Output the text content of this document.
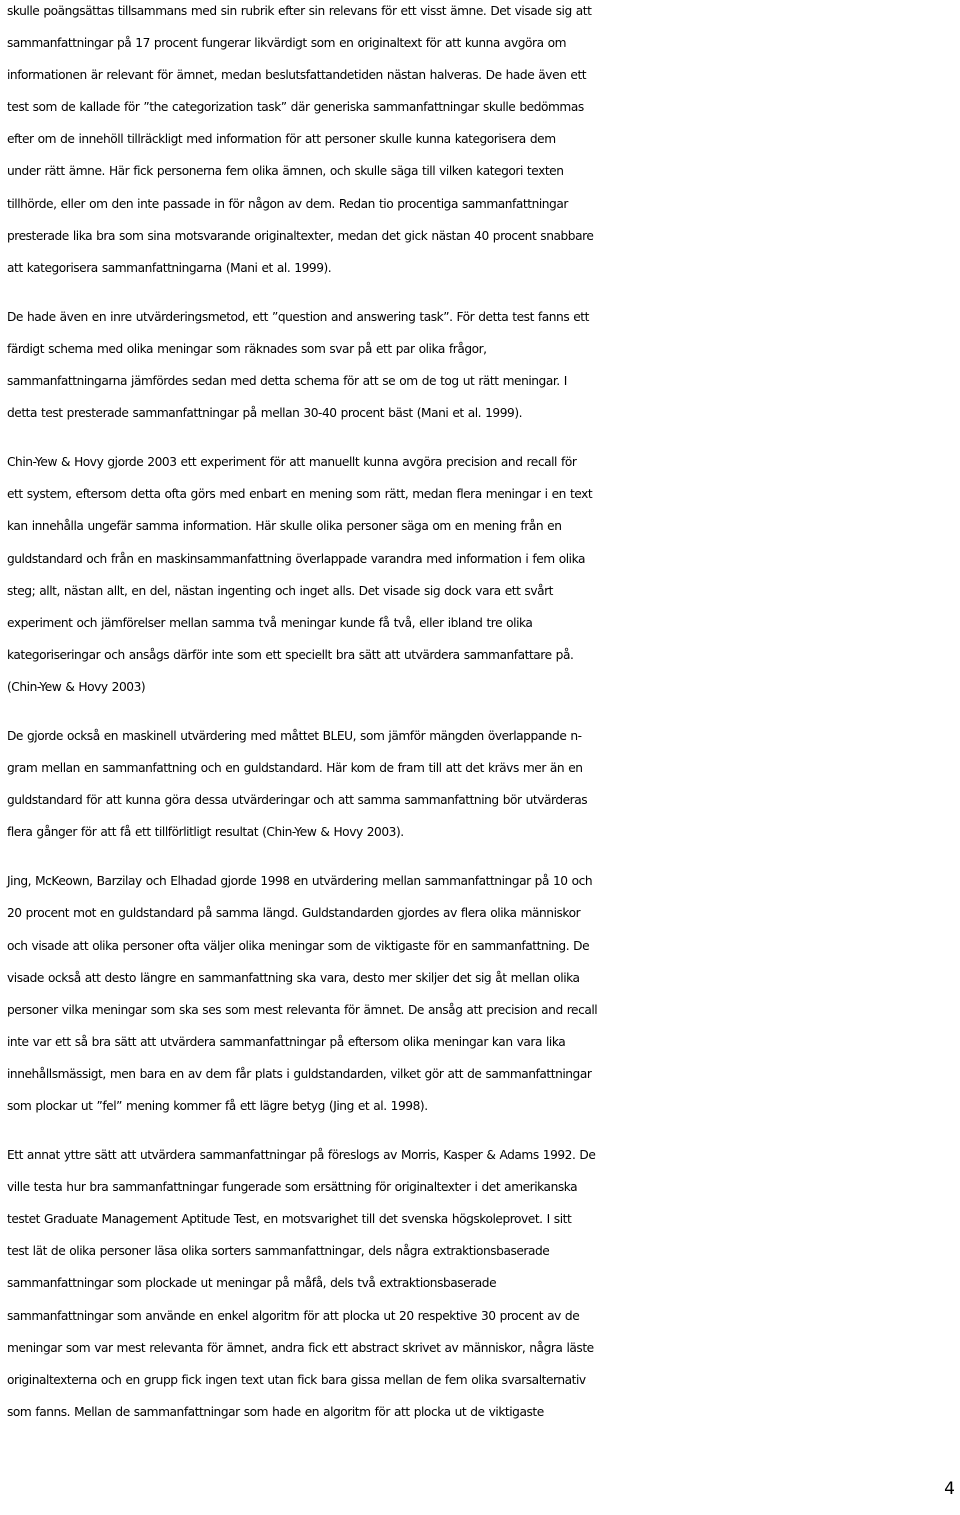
skulle poängsättas tillsammans med sin rubrik efter sin relevans för ett visst ämne. Det visade sig att
sammanfattningar på 17 procent fungerar likvärdigt som en originaltext för att kunna avgöra om
informationen är relevant för ämnet, medan beslutsfattandetiden nästan halveras. De hade även ett
test som de kallade för ”the categorization task” där generiska sammanfattningar skulle bedömmas
efter om de innehöll tillräckligt med information för att personer skulle kunna kategorisera dem
under rätt ämne. Här fick personerna fem olika ämnen, och skulle säga till vilken kategori texten
tillhörde, eller om den inte passade in för någon av dem. Redan tio procentiga sammanfattningar
presterade lika bra som sina motsvarande originaltexter, medan det gick nästan 40 procent snabbare
att kategorisera sammanfattningarna (Mani et al. 1999).

De hade även en inre utvärderingsmetod, ett ”question and answering task”. För detta test fanns ett
färdigt schema med olika meningar som räknades som svar på ett par olika frågor,
sammanfattningarna jämfördes sedan med detta schema för att se om de tog ut rätt meningar. I
detta test presterade sammanfattningar på mellan 30-40 procent bäst (Mani et al. 1999).

Chin-Yew & Hovy gjorde 2003 ett experiment för att manuellt kunna avgöra precision and recall för
ett system, eftersom detta ofta görs med enbart en mening som rätt, medan flera meningar i en text
kan innehålla ungefär samma information. Här skulle olika personer säga om en mening från en
guldstandard och från en maskinsammanfattning överlappade varandra med information i fem olika
steg; allt, nästan allt, en del, nästan ingenting och inget alls. Det visade sig dock vara ett svårt
experiment och jämförelser mellan samma två meningar kunde få två, eller ibland tre olika
kategoriseringar och ansågs därför inte som ett speciellt bra sätt att utvärdera sammanfattare på.
(Chin-Yew & Hovy 2003)

De gjorde också en maskinell utvärdering med måttet BLEU, som jämför mängden överlappande n-
gram mellan en sammanfattning och en guldstandard. Här kom de fram till att det krävs mer än en
guldstandard för att kunna göra dessa utvärderingar och att samma sammanfattning bör utvärderas
flera gånger för att få ett tillförlitligt resultat (Chin-Yew & Hovy 2003).

Jing, McKeown, Barzilay och Elhadad gjorde 1998 en utvärdering mellan sammanfattningar på 10 och
20 procent mot en guldstandard på samma längd. Guldstandarden gjordes av flera olika människor
och visade att olika personer ofta väljer olika meningar som de viktigaste för en sammanfattning. De
visade också att desto längre en sammanfattning ska vara, desto mer skiljer det sig åt mellan olika
personer vilka meningar som ska ses som mest relevanta för ämnet. De ansåg att precision and recall
inte var ett så bra sätt att utvärdera sammanfattningar på eftersom olika meningar kan vara lika
innehållsmässigt, men bara en av dem får plats i guldstandarden, vilket gör att de sammanfattningar
som plockar ut ”fel” mening kommer få ett lägre betyg (Jing et al. 1998).

Ett annat yttre sätt att utvärdera sammanfattningar på föreslogs av Morris, Kasper & Adams 1992. De
ville testa hur bra sammanfattningar fungerade som ersättning för originaltexter i det amerikanska
testet Graduate Management Aptitude Test, en motsvarighet till det svenska högskoleprovet. I sitt
test lät de olika personer läsa olika sorters sammanfattningar, dels några extraktionsbaserade
sammanfattningar som plockade ut meningar på måfå, dels två extraktionsbaserade
sammanfattningar som använde en enkel algoritm för att plocka ut 20 respektive 30 procent av de
meningar som var mest relevanta för ämnet, andra fick ett abstract skrivet av människor, några läste
originaltexterna och en grupp fick ingen text utan fick bara gissa mellan de fem olika svarsalternativ
som fanns. Mellan de sammanfattningar som hade en algoritm för att plocka ut de viktigaste

4
